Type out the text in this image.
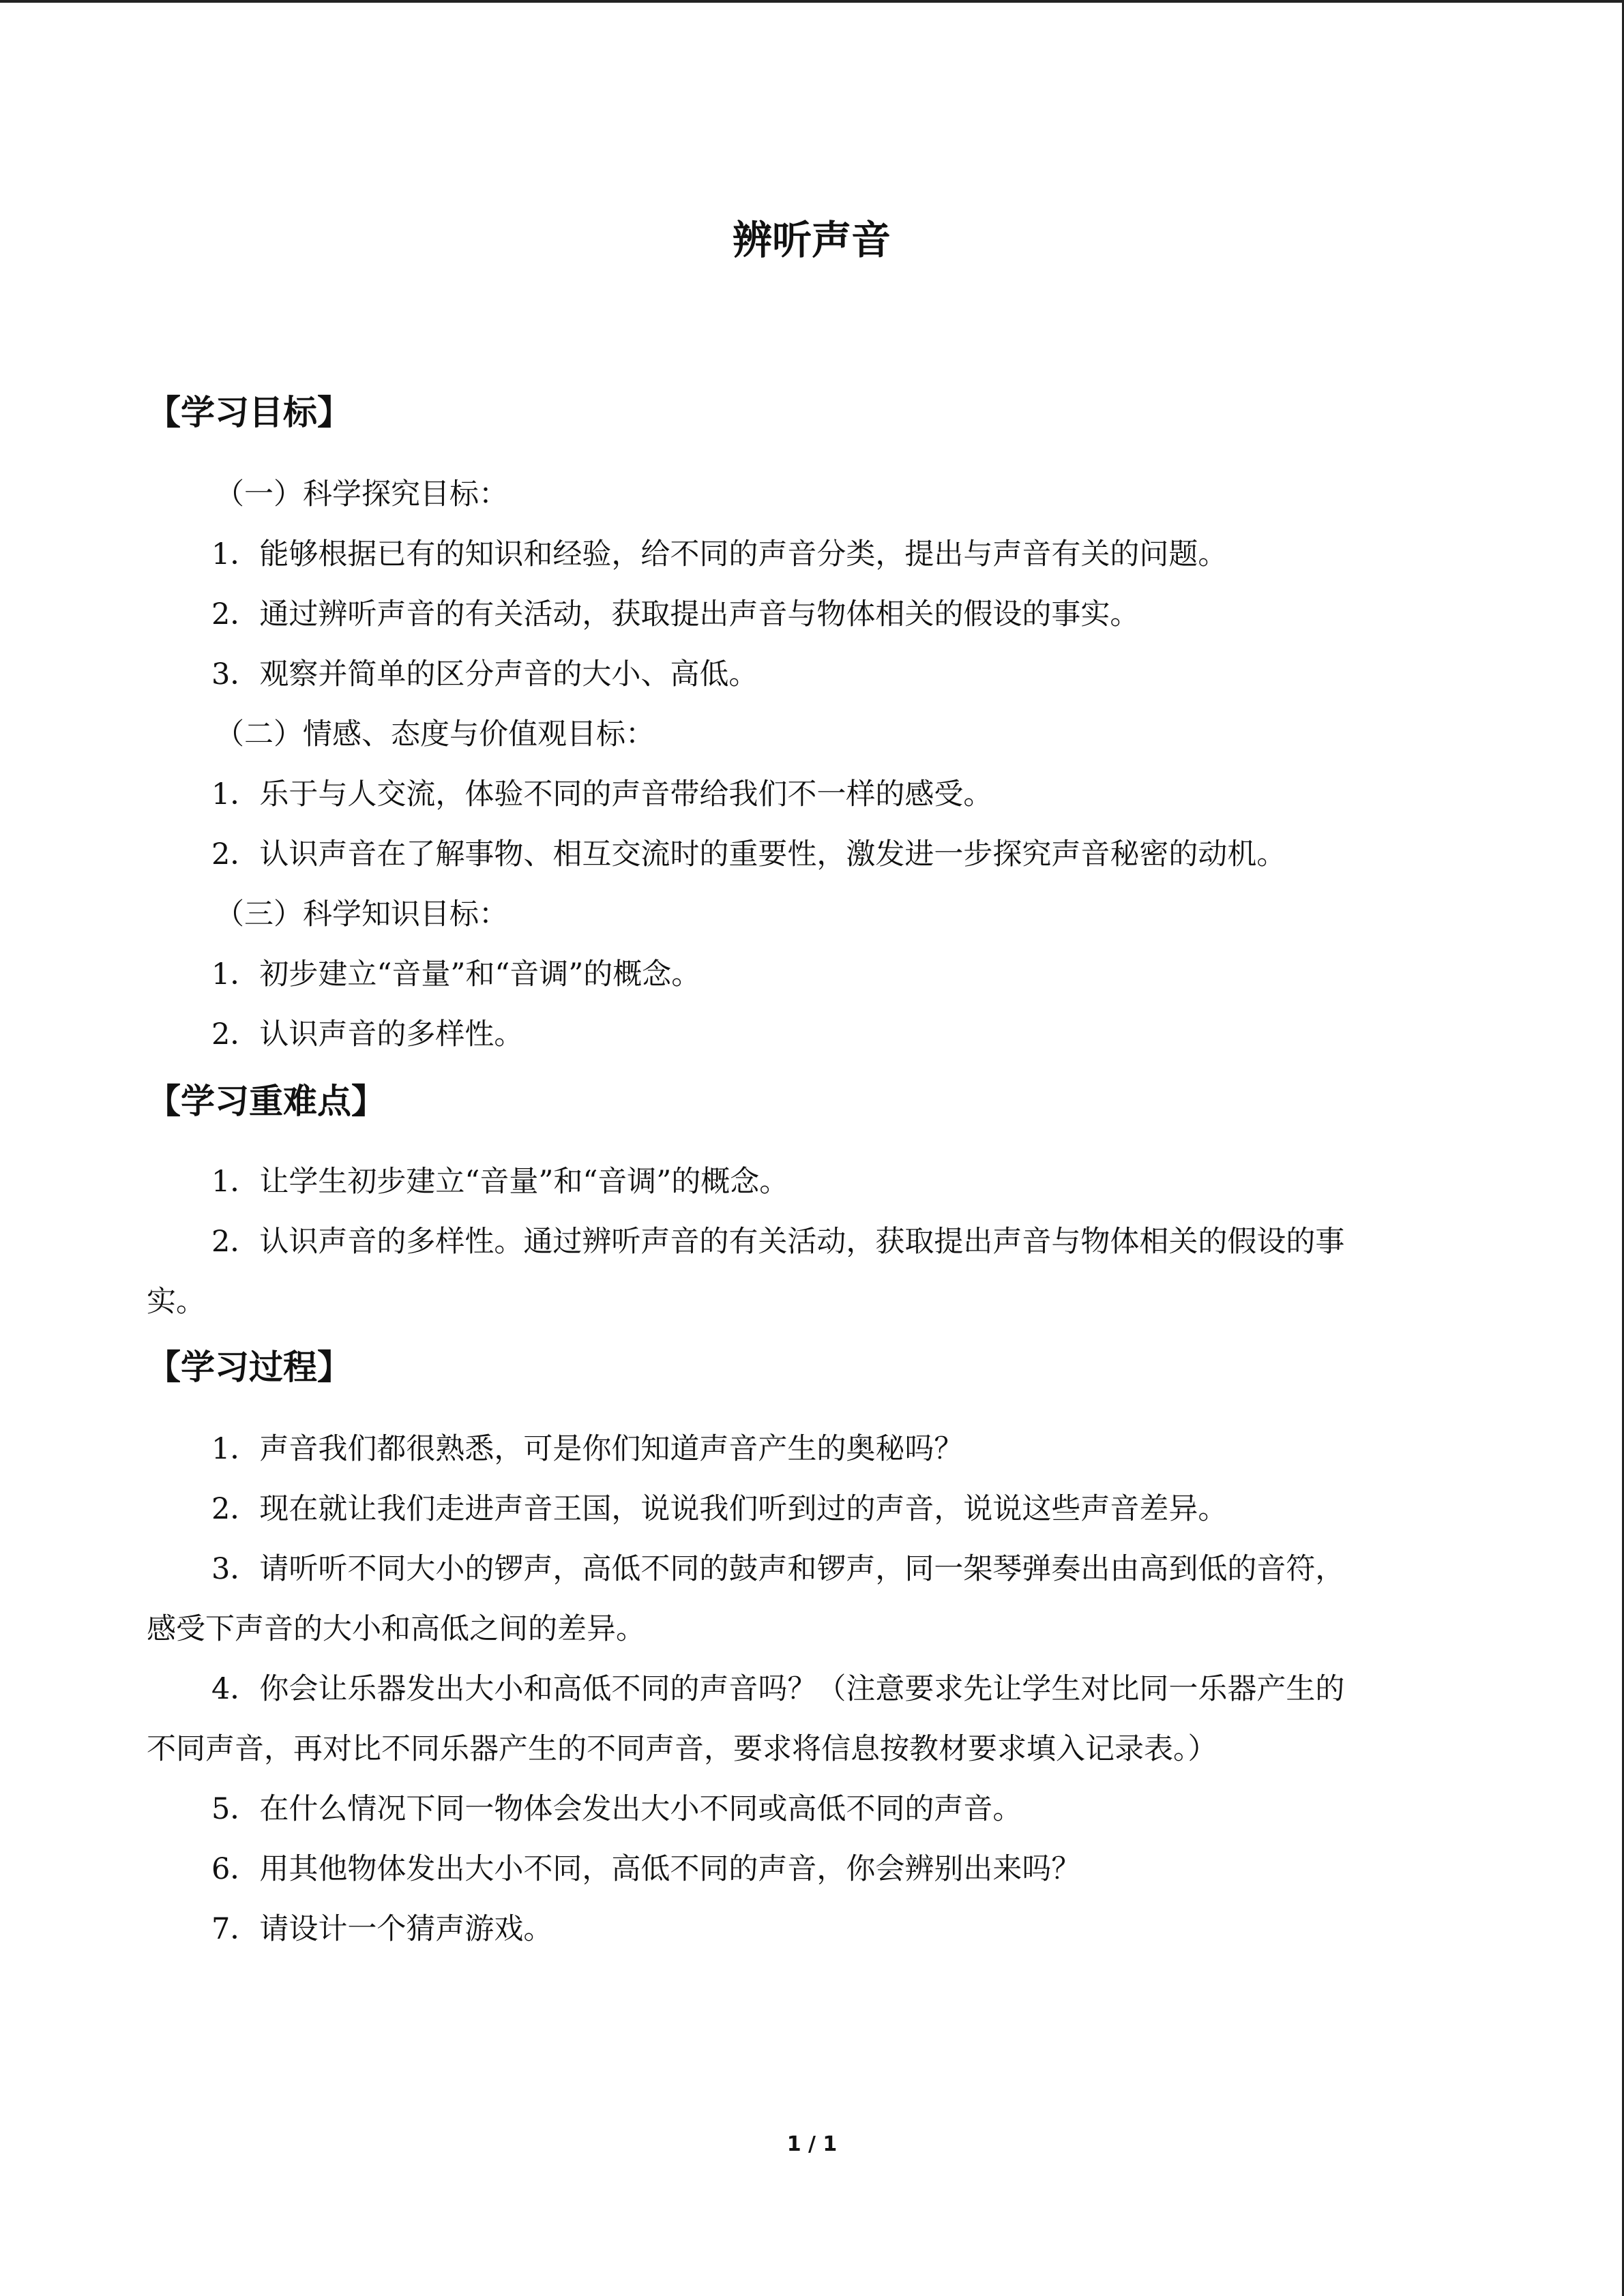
辨听声音
【学习目标】
（一）科学探究目标：
1．能够根据已有的知识和经验，给不同的声音分类，提出与声音有关的问题。
2．通过辨听声音的有关活动，获取提出声音与物体相关的假设的事实。
3．观察并简单的区分声音的大小、高低。
（二）情感、态度与价值观目标：
1．乐于与人交流，体验不同的声音带给我们不一样的感受。
2．认识声音在了解事物、相互交流时的重要性，激发进一步探究声音秘密的动机。
（三）科学知识目标：
1．初步建立“音量”和“音调”的概念。
2．认识声音的多样性。
【学习重难点】
1．让学生初步建立“音量”和“音调”的概念。
2．认识声音的多样性。通过辨听声音的有关活动，获取提出声音与物体相关的假设的事
实。
【学习过程】
1．声音我们都很熟悉，可是你们知道声音产生的奥秘吗？
2．现在就让我们走进声音王国，说说我们听到过的声音，说说这些声音差异。
3．请听听不同大小的锣声，高低不同的鼓声和锣声，同一架琴弹奏出由高到低的音符，
感受下声音的大小和高低之间的差异。
4．你会让乐器发出大小和高低不同的声音吗？（注意要求先让学生对比同一乐器产生的
不同声音，再对比不同乐器产生的不同声音，要求将信息按教材要求填入记录表。）
5．在什么情况下同一物体会发出大小不同或高低不同的声音。
6．用其他物体发出大小不同，高低不同的声音，你会辨别出来吗？
7．请设计一个猜声游戏。
1 / 1
